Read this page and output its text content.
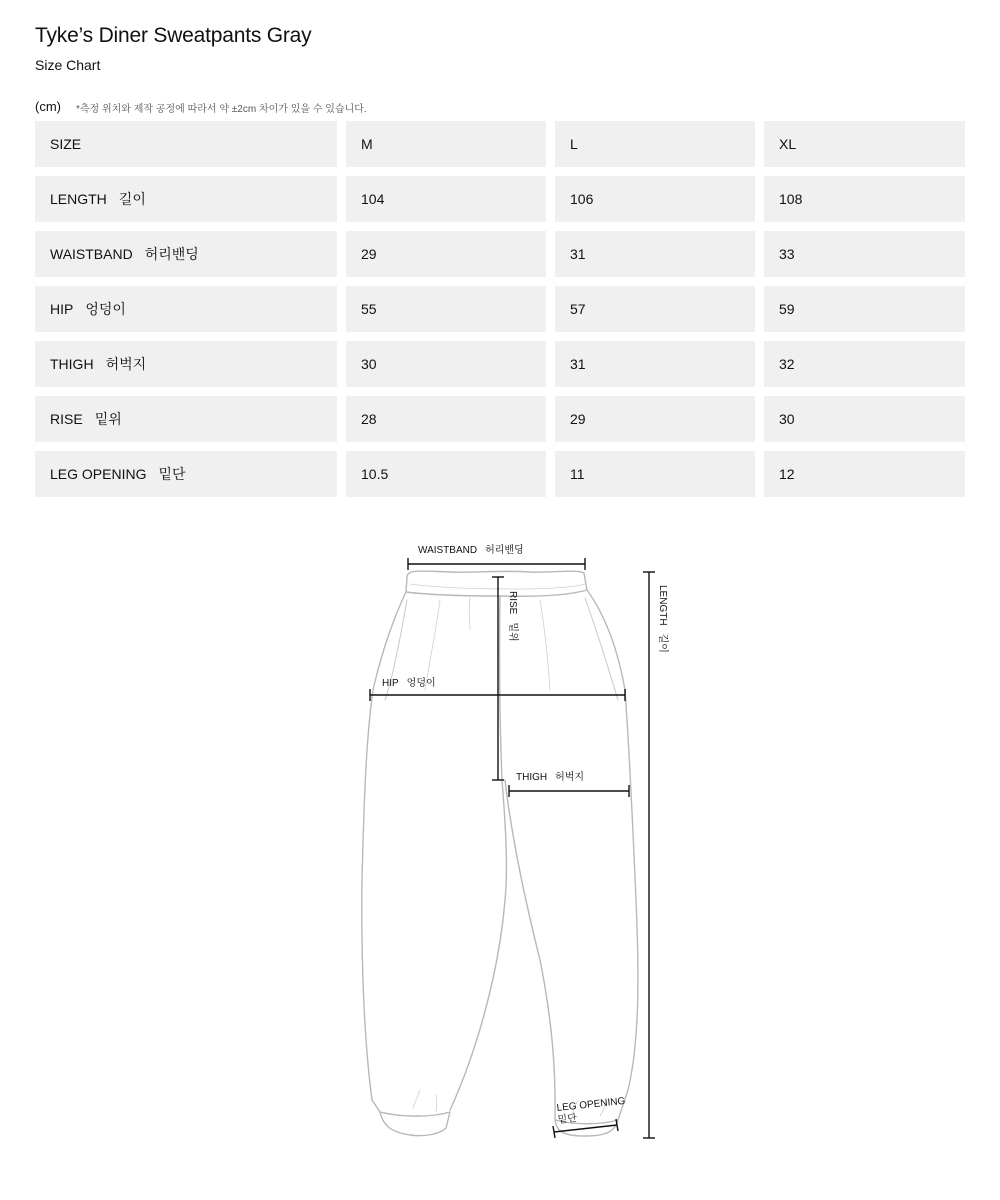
Tyke’s Diner Sweatpants Gray
Size Chart
(cm) *측정 위치와 제작 공정에 따라서 약 ±2cm 차이가 있을 수 있습니다.
SIZE	M	L	XL
LENGTH 길이	104	106	108
WAISTBAND 허리밴딩	29	31	33
HIP 엉덩이	55	57	59
THIGH 허벅지	30	31	32
RISE 밑위	28	29	30
LEG OPENING 밑단	10.5	11	12
WAISTBAND 허리밴딩
RISE밑위
HIP 엉덩이
THIGH 허벅지
LENGTH길이
LEG OPENING
밑단
